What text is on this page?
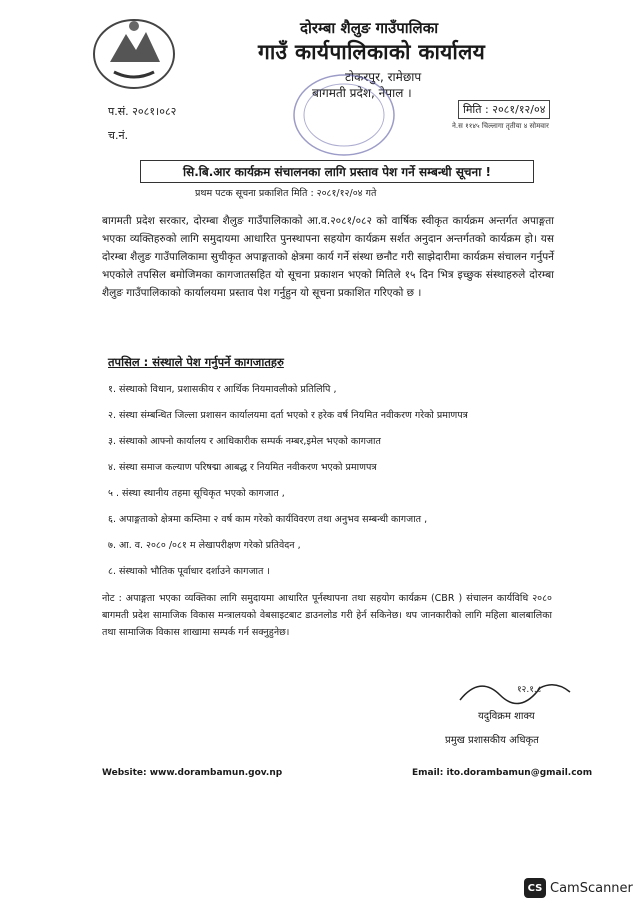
दोरम्बा शैलुङ गाउँपालिका
गाउँ कार्यपालिकाको कार्यालय
टोकरपुर, रामेछाप
बागमती प्रदेश, नेपाल ।
प.सं. २०८१।०८२
च.नं.
मिति : २०८१/१२/०४
ने.स ११४५ चिल्लागा तृतीया ४ सोमवार
सि.बि.आर कार्यक्रम संचालनका लागि प्रस्ताव पेश गर्ने सम्बन्धी सूचना !
प्रथम पटक सूचना प्रकाशित मिति : २०८१/१२/०४ गते
बागमती प्रदेश सरकार, दोरम्बा शैलुङ गाउँपालिकाको आ.व.२०८१/०८२ को वार्षिक स्वीकृत कार्यक्रम अन्तर्गत अपाङ्गता भएका व्यक्तिहरुको लागि समुदायमा आधारित पुनस्थापना सहयोग कार्यक्रम सर्शत अनुदान अन्तर्गतको कार्यक्रम हो। यस दोरम्बा शैलुङ गाउँपालिकामा सुचीकृत अपाङ्गताको क्षेत्रमा कार्य गर्ने संस्था छनौट गरी साझेदारीमा कार्यक्रम संचालन गर्नुपर्ने भएकोले तपसिल बमोजिमका कागजातसहित यो सूचना प्रकाशन भएको मितिले १५ दिन भित्र इच्छुक संस्थाहरुले दोरम्बा शैलुङ गाउँपालिकाको कार्यालयमा प्रस्ताव पेश गर्नुहुन यो सूचना प्रकाशित गरिएको छ ।
तपसिल : संस्थाले पेश गर्नुपर्ने कागजातहरु
१. संस्थाको विधान, प्रशासकीय र आर्थिक नियमावलीको प्रतिलिपि ,
२. संस्था संम्बन्धित जिल्ला प्रशासन कार्यालयमा दर्ता भएको र हरेक वर्ष नियमित नवीकरण गरेको प्रमाणपत्र
३. संस्थाको आफ्नो कार्यालय र आधिकारीक सम्पर्क नम्बर,इमेल भएको कागजात
४. संस्था समाज कल्याण परिषद्मा आबद्ध र नियमित नवीकरण भएको प्रमाणपत्र
५ . संस्था स्थानीय तहमा सूचिकृत भएको कागजात ,
६. अपाङ्गताको क्षेत्रमा कम्तिमा २ वर्ष काम गरेको कार्यविवरण तथा अनुभव सम्बन्धी कागजात ,
७. आ. व. २०८० /०८१ म लेखापरीक्षण गरेको प्रतिवेदन ,
८. संस्थाको भौतिक पूर्वाधार दर्शाउने कागजात ।
नोट : अपाङ्गता भएका व्यक्तिका लागि समुदायमा आधारित पूर्नस्थापना तथा सहयोग कार्यक्रम (CBR ) संचालन कार्यविधि २०८० बागमती प्रदेश सामाजिक विकास मन्त्रालयको वेबसाइटबाट डाउनलोड गरी हेर्न सकिनेछ। थप जानकारीको लागि महिला बालबालिका तथा सामाजिक विकास शाखामा सम्पर्क गर्न सक्नुहुनेछ।
१२.१.८
यदुविक्रम शाक्य
प्रमुख प्रशासकीय अधिकृत
Website: www.dorambamun.gov.np	Email: ito.dorambamun@gmail.com
CS CamScanner
